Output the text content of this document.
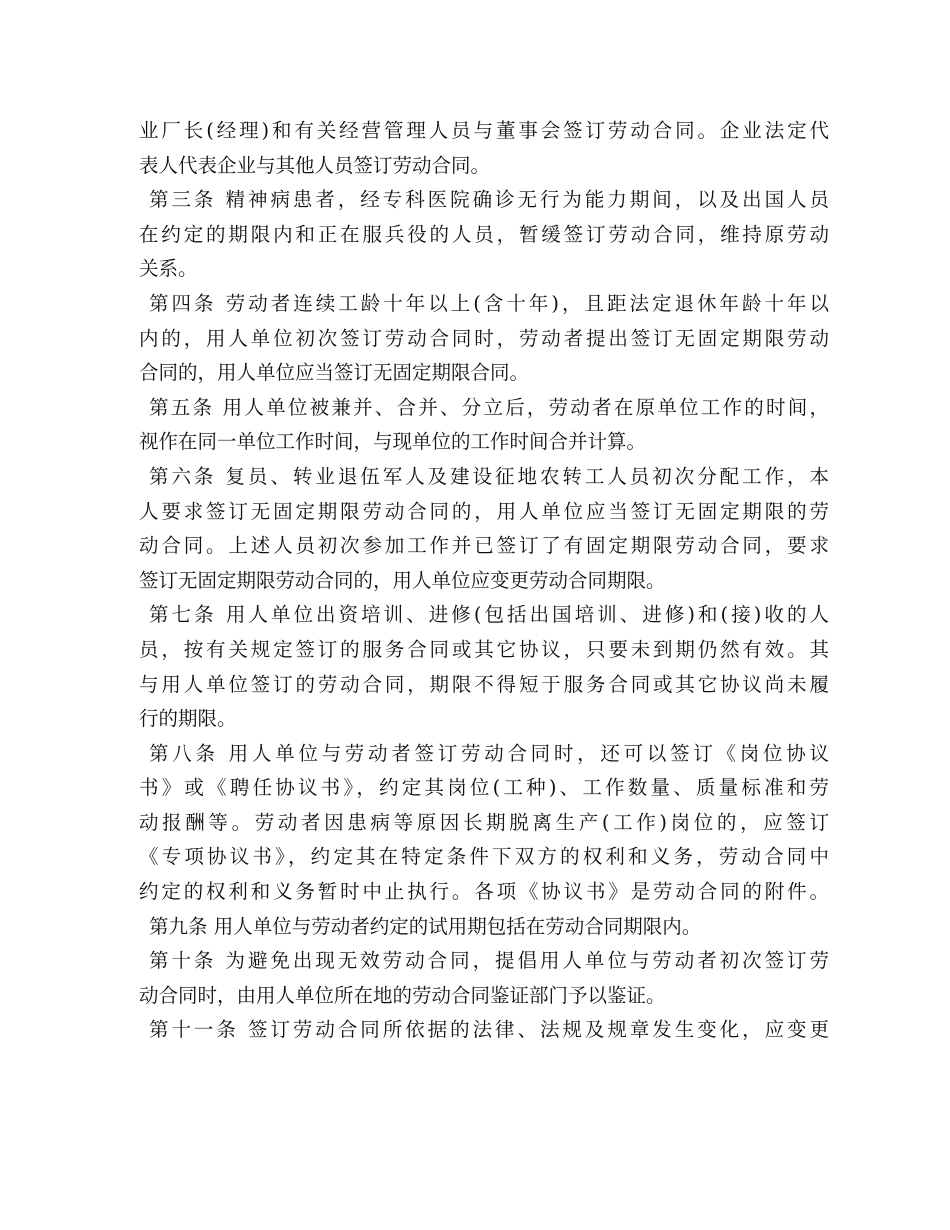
业厂长(经理)和有关经营管理人员与董事会签订劳动合同。企业法定代
表人代表企业与其他人员签订劳动合同。
第三条 精神病患者，经专科医院确诊无行为能力期间，以及出国人员
在约定的期限内和正在服兵役的人员，暂缓签订劳动合同，维持原劳动
关系。
第四条 劳动者连续工龄十年以上(含十年)，且距法定退休年龄十年以
内的，用人单位初次签订劳动合同时，劳动者提出签订无固定期限劳动
合同的，用人单位应当签订无固定期限合同。
第五条 用人单位被兼并、合并、分立后，劳动者在原单位工作的时间，
视作在同一单位工作时间，与现单位的工作时间合并计算。
第六条 复员、转业退伍军人及建设征地农转工人员初次分配工作，本
人要求签订无固定期限劳动合同的，用人单位应当签订无固定期限的劳
动合同。上述人员初次参加工作并已签订了有固定期限劳动合同，要求
签订无固定期限劳动合同的，用人单位应变更劳动合同期限。
第七条 用人单位出资培训、进修(包括出国培训、进修)和(接)收的人
员，按有关规定签订的服务合同或其它协议，只要未到期仍然有效。其
与用人单位签订的劳动合同，期限不得短于服务合同或其它协议尚未履
行的期限。
第八条 用人单位与劳动者签订劳动合同时，还可以签订《岗位协议
书》或《聘任协议书》，约定其岗位(工种)、工作数量、质量标准和劳
动报酬等。劳动者因患病等原因长期脱离生产(工作)岗位的，应签订
《专项协议书》，约定其在特定条件下双方的权利和义务，劳动合同中
约定的权利和义务暂时中止执行。各项《协议书》是劳动合同的附件。
第九条 用人单位与劳动者约定的试用期包括在劳动合同期限内。
第十条 为避免出现无效劳动合同，提倡用人单位与劳动者初次签订劳
动合同时，由用人单位所在地的劳动合同鉴证部门予以鉴证。
第十一条 签订劳动合同所依据的法律、法规及规章发生变化，应变更
